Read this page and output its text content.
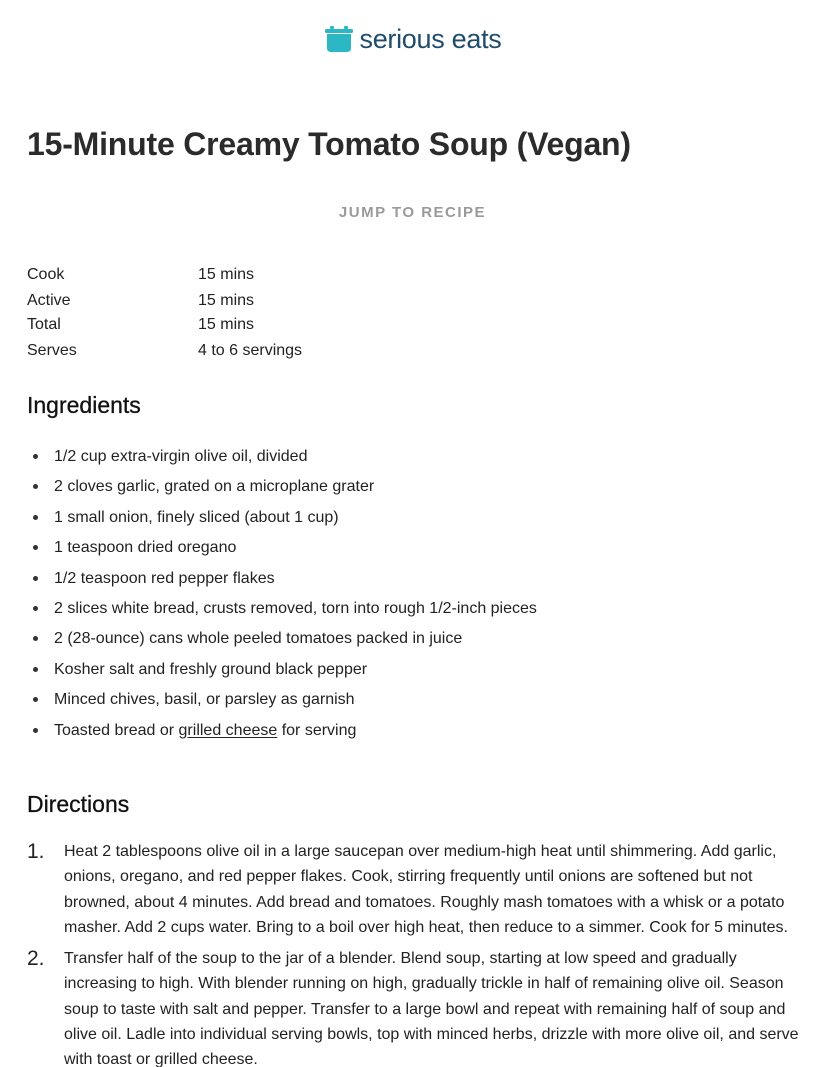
serious eats
15-Minute Creamy Tomato Soup (Vegan)
JUMP TO RECIPE
Cook	15 mins
Active	15 mins
Total	15 mins
Serves	4 to 6 servings
Ingredients
1/2 cup extra-virgin olive oil, divided
2 cloves garlic, grated on a microplane grater
1 small onion, finely sliced (about 1 cup)
1 teaspoon dried oregano
1/2 teaspoon red pepper flakes
2 slices white bread, crusts removed, torn into rough 1/2-inch pieces
2 (28-ounce) cans whole peeled tomatoes packed in juice
Kosher salt and freshly ground black pepper
Minced chives, basil, or parsley as garnish
Toasted bread or grilled cheese for serving
Directions
1. Heat 2 tablespoons olive oil in a large saucepan over medium-high heat until shimmering. Add garlic, onions, oregano, and red pepper flakes. Cook, stirring frequently until onions are softened but not browned, about 4 minutes. Add bread and tomatoes. Roughly mash tomatoes with a whisk or a potato masher. Add 2 cups water. Bring to a boil over high heat, then reduce to a simmer. Cook for 5 minutes.
2. Transfer half of the soup to the jar of a blender. Blend soup, starting at low speed and gradually increasing to high. With blender running on high, gradually trickle in half of remaining olive oil. Season soup to taste with salt and pepper. Transfer to a large bowl and repeat with remaining half of soup and olive oil. Ladle into individual serving bowls, top with minced herbs, drizzle with more olive oil, and serve with toast or grilled cheese.
